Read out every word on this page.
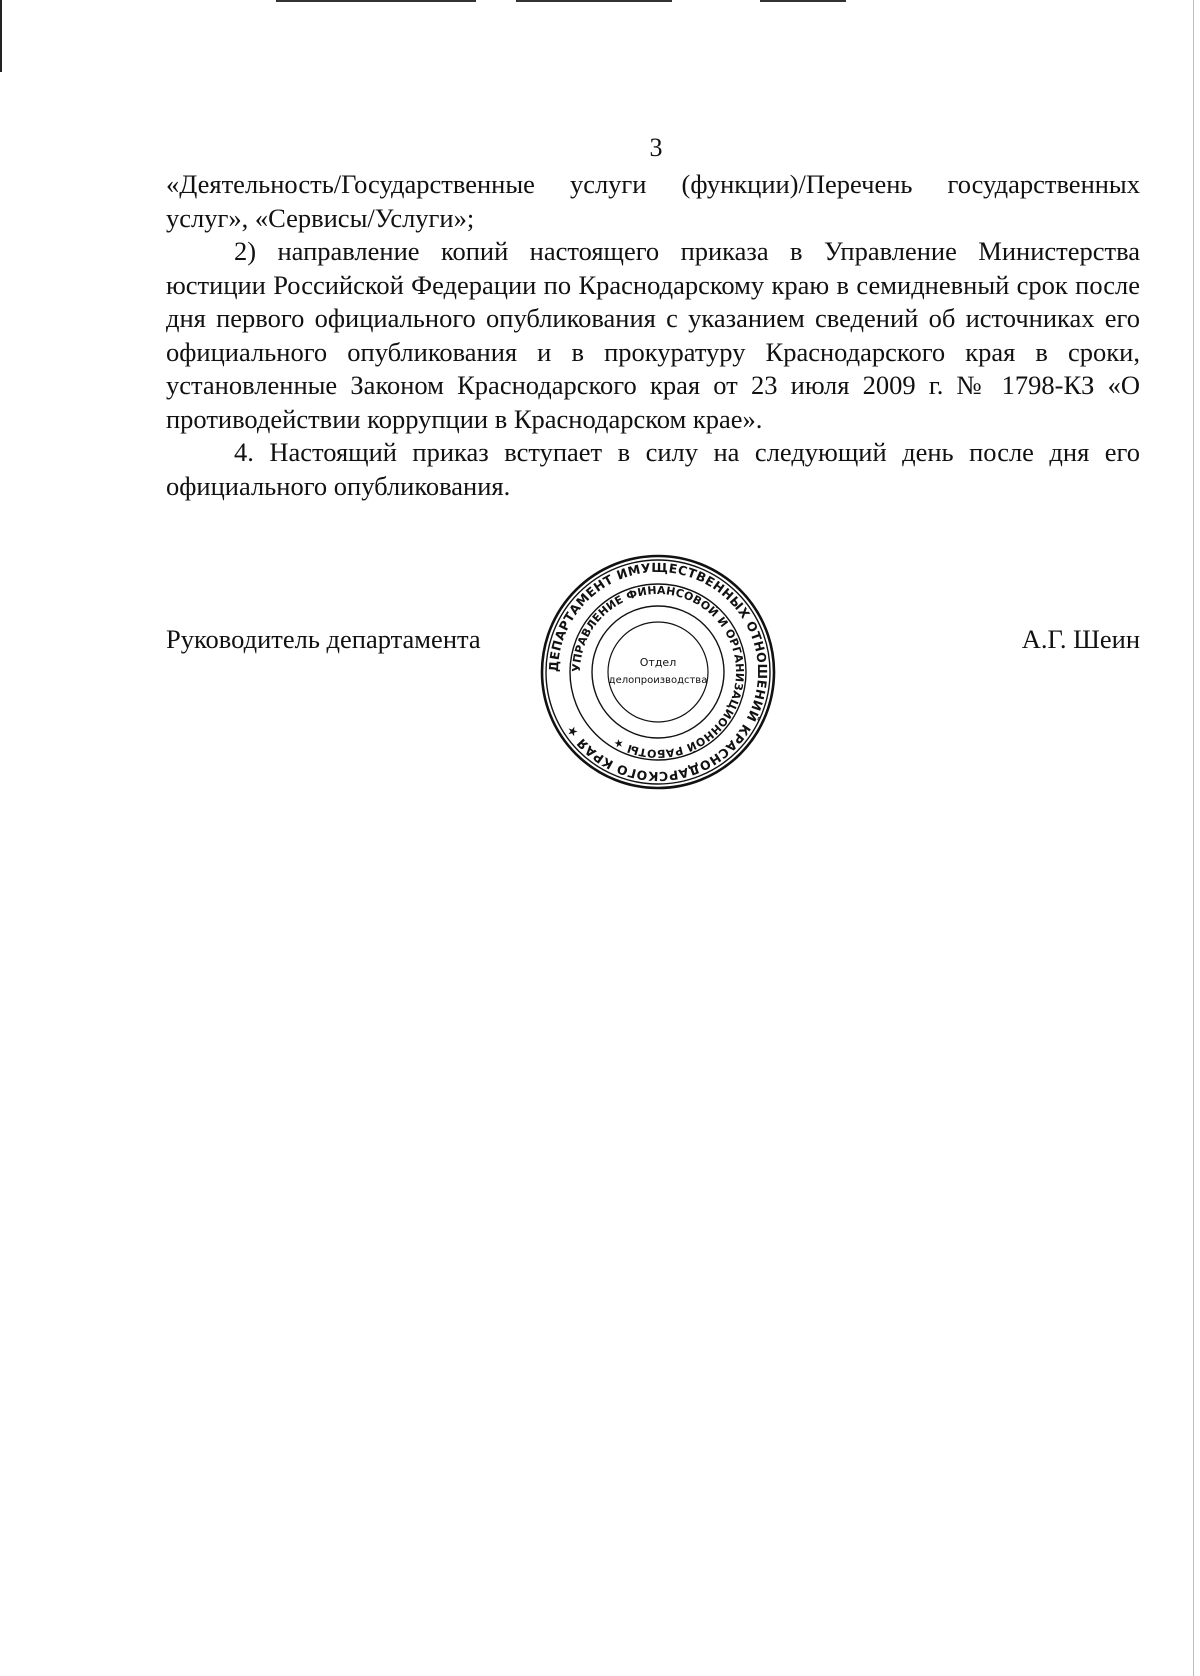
3

«Деятельность/Государственные услуги (функции)/Перечень государственных услуг», «Сервисы/Услуги»;

2) направление копий настоящего приказа в Управление Министерства юстиции Российской Федерации по Краснодарскому краю в семидневный срок после дня первого официального опубликования с указанием сведений об источниках его официального опубликования и в прокуратуру Краснодарского края в сроки, установленные Законом Краснодарского края от 23 июля 2009 г. № 1798-КЗ «О противодействии коррупции в Краснодарском крае».

4. Настоящий приказ вступает в силу на следующий день после дня его официального опубликования.

Руководитель департамента	А.Г. Шеин
ДЕПАРТАМЕНТ ИМУЩЕСТВЕННЫХ ОТНОШЕНИЙ КРАСНОДАРСКОГО КРАЯ ★
УПРАВЛЕНИЕ ФИНАНСОВОЙ И ОРГАНИЗАЦИОННОЙ РАБОТЫ ★
Отдел
делопроизводства
